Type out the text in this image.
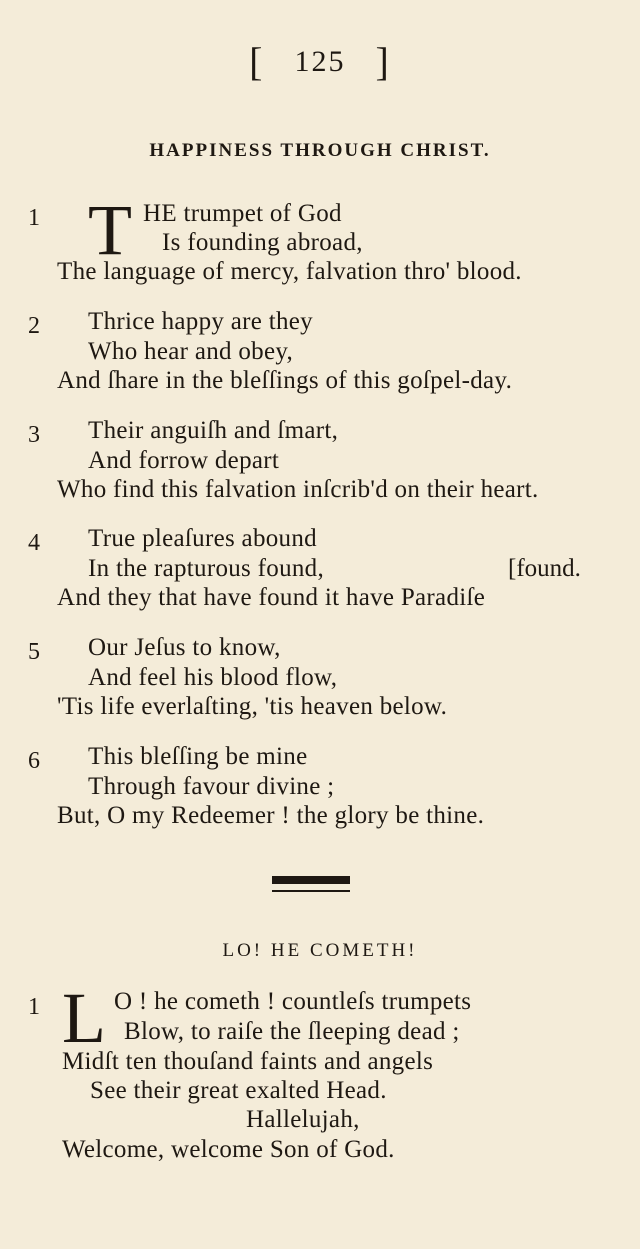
[ 125 ]
HAPPINESS THROUGH CHRIST.
1 T HE trumpet of God
Is founding abroad,
The language of mercy, falvation thro' blood.
2 Thrice happy are they
Who hear and obey,
And ſhare in the bleſſings of this goſpel-day.
3 Their anguiſh and ſmart,
And forrow depart
Who find this falvation inſcrib'd on their heart.
4 True pleaſures abound
In the rapturous found,	[found.
And they that have found it have Paradiſe
5 Our Jeſus to know,
And feel his blood flow,
'Tis life everlaſting, 'tis heaven below.
6 This bleſſing be mine
Through favour divine ;
But, O my Redeemer ! the glory be thine.
LO! HE COMETH!
1 L O ! he cometh ! countleſs trumpets
Blow, to raiſe the ſleeping dead ;
Midſt ten thouſand faints and angels
See their great exalted Head.
Hallelujah,
Welcome, welcome Son of God.
